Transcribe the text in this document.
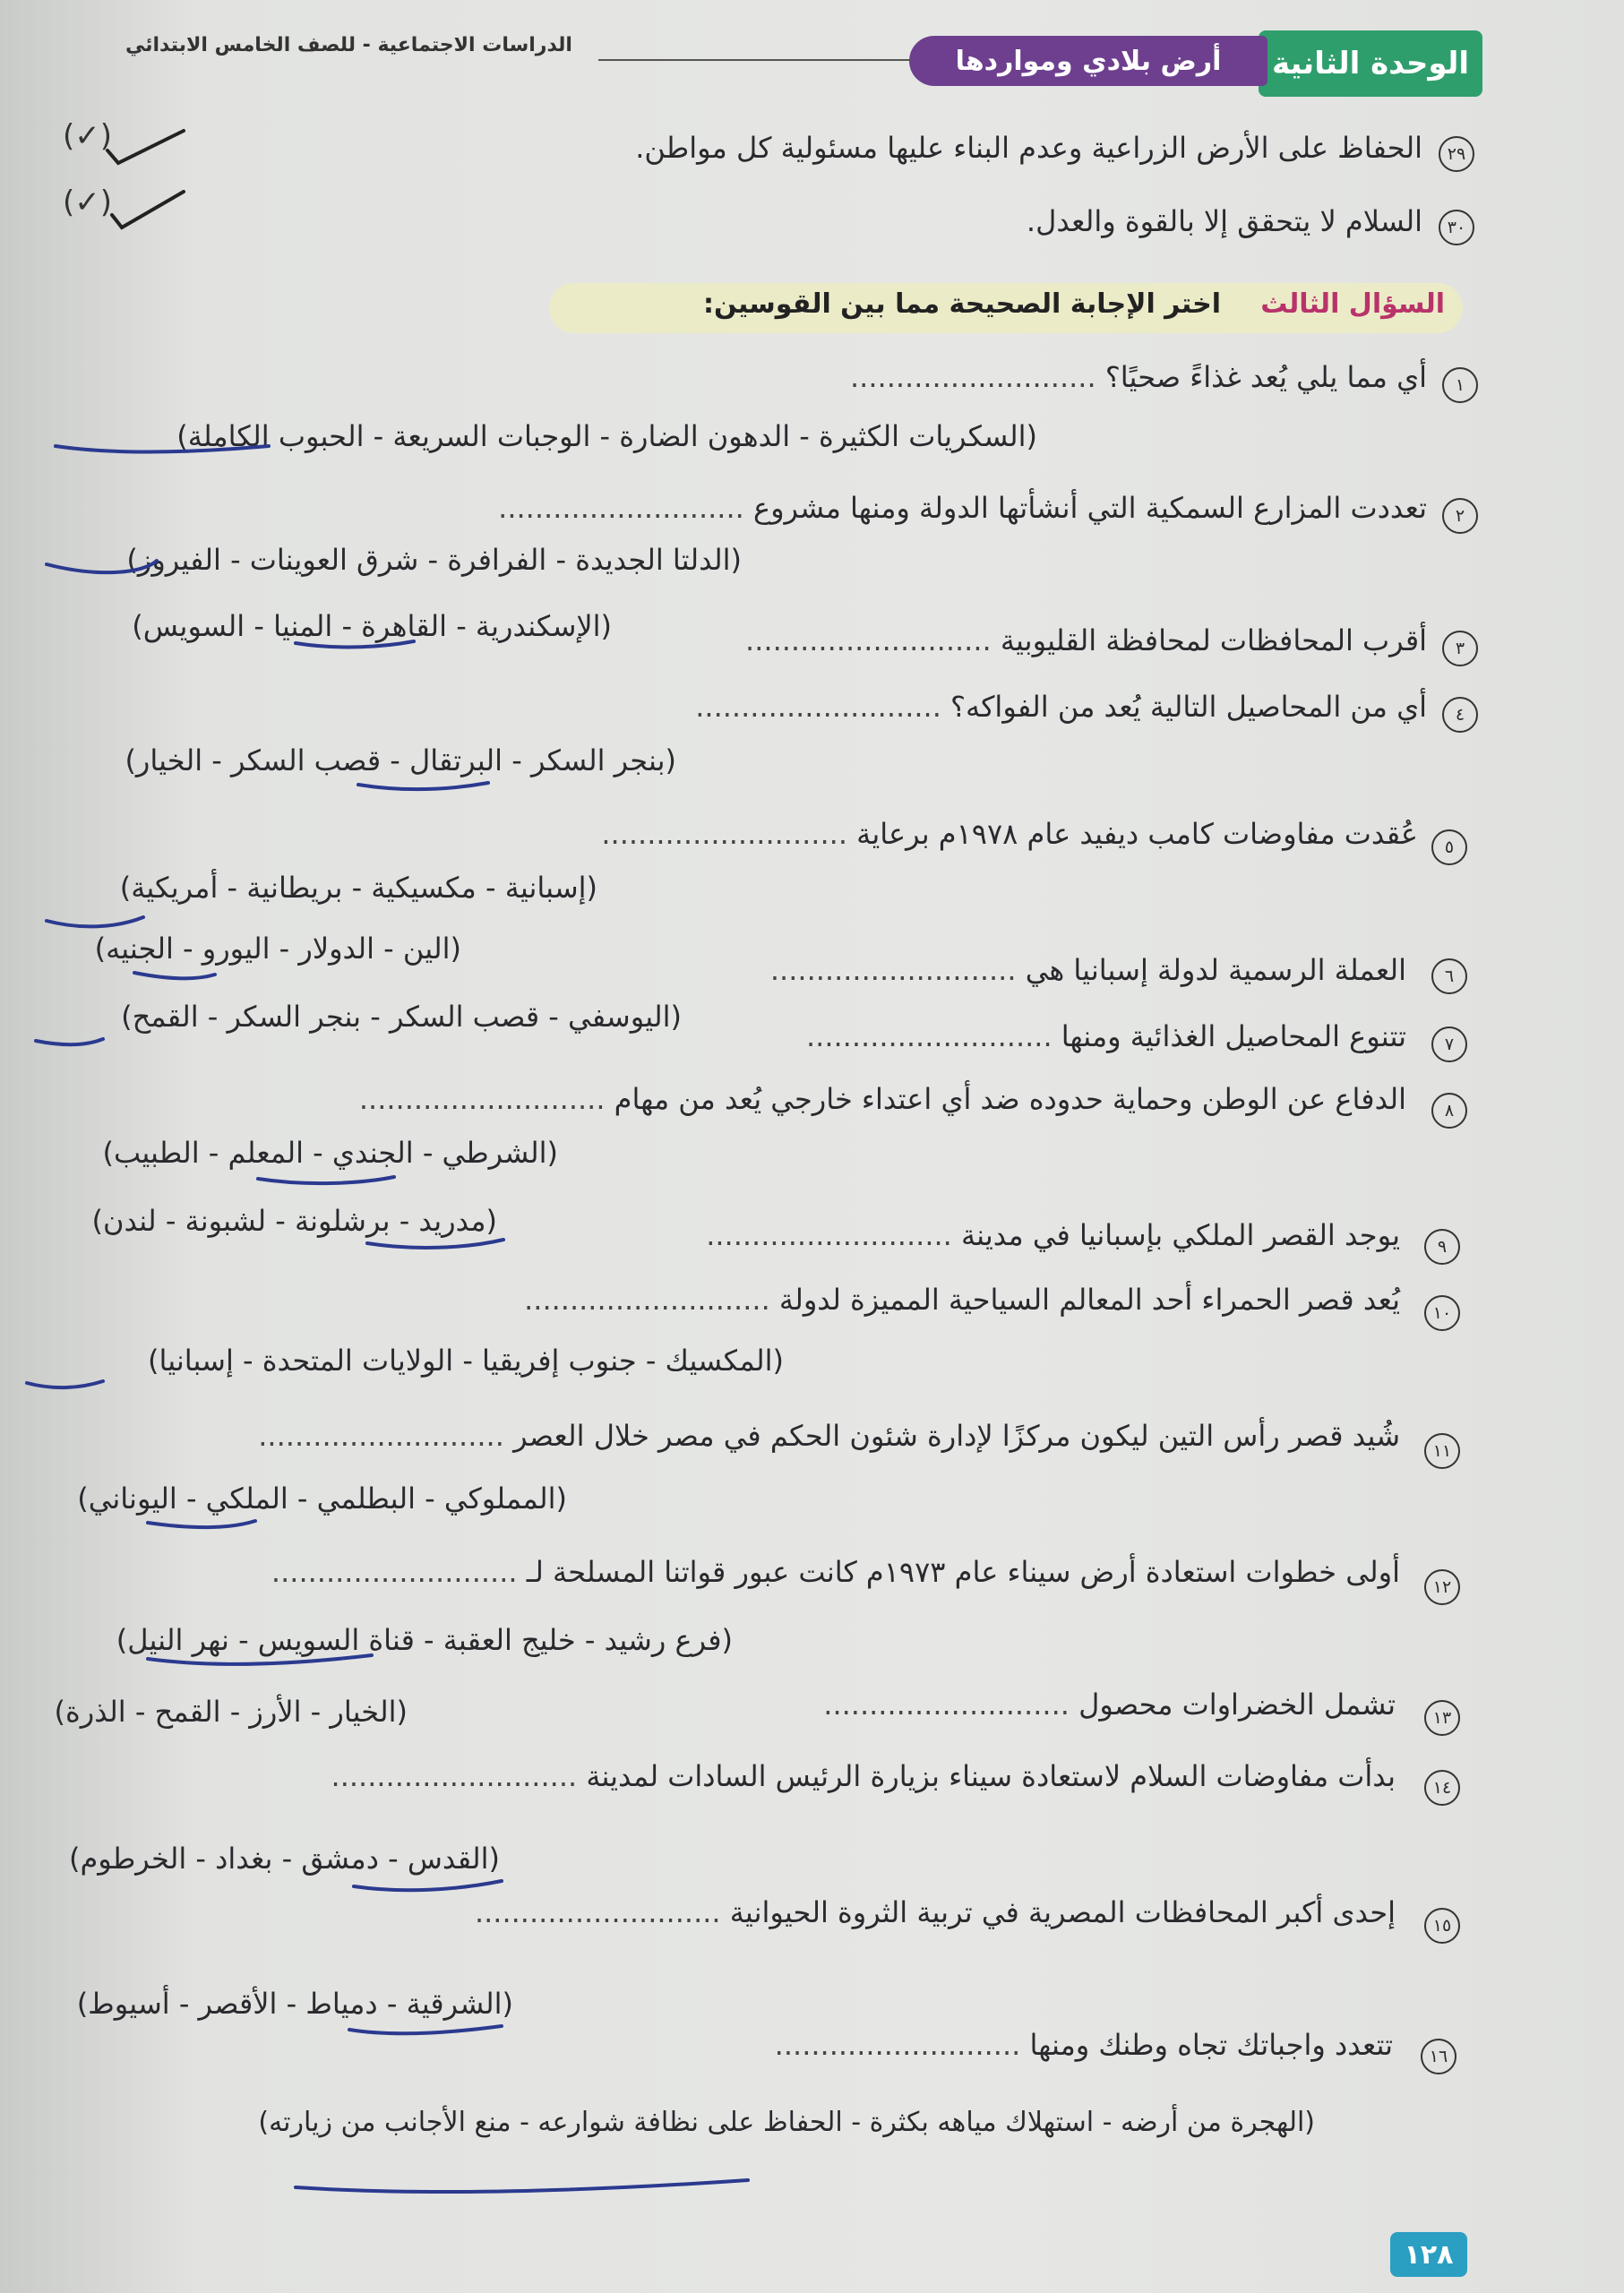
الوحدة الثانية
أرض بلادي ومواردها
الدراسات الاجتماعية - للصف الخامس الابتدائي
٢٩
الحفاظ على الأرض الزراعية وعدم البناء عليها مسئولية كل مواطن.
(✓)
٣٠
السلام لا يتحقق إلا بالقوة والعدل.
(✓)
السؤال الثالث
اختر الإجابة الصحيحة مما بين القوسين:
١
أي مما يلي يُعد غذاءً صحيًا؟ ...........................
(السكريات الكثيرة - الدهون الضارة - الوجبات السريعة - الحبوب الكاملة)
٢
تعددت المزارع السمكية التي أنشأتها الدولة ومنها مشروع ...........................
(الدلتا الجديدة - الفرافرة - شرق العوينات - الفيروز)
٣
أقرب المحافظات لمحافظة القليوبية ...........................
(الإسكندرية - القاهرة - المنيا - السويس)
٤
أي من المحاصيل التالية يُعد من الفواكه؟ ...........................
(بنجر السكر - البرتقال - قصب السكر - الخيار)
٥
عُقدت مفاوضات كامب ديفيد عام ١٩٧٨م برعاية ...........................
(إسبانية - مكسيكية - بريطانية - أمريكية)
٦
العملة الرسمية لدولة إسبانيا هي ...........................
(الين - الدولار - اليورو - الجنيه)
٧
تتنوع المحاصيل الغذائية ومنها ...........................
(اليوسفي - قصب السكر - بنجر السكر - القمح)
٨
الدفاع عن الوطن وحماية حدوده ضد أي اعتداء خارجي يُعد من مهام ...........................
(الشرطي - الجندي - المعلم - الطبيب)
٩
يوجد القصر الملكي بإسبانيا في مدينة ...........................
(مدريد - برشلونة - لشبونة - لندن)
١٠
يُعد قصر الحمراء أحد المعالم السياحية المميزة لدولة ...........................
(المكسيك - جنوب إفريقيا - الولايات المتحدة - إسبانيا)
١١
شُيد قصر رأس التين ليكون مركزًا لإدارة شئون الحكم في مصر خلال العصر ...........................
(المملوكي - البطلمي - الملكي - اليوناني)
١٢
أولى خطوات استعادة أرض سيناء عام ١٩٧٣م كانت عبور قواتنا المسلحة لـ ...........................
(فرع رشيد - خليج العقبة - قناة السويس - نهر النيل)
١٣
تشمل الخضراوات محصول ...........................
(الخيار - الأرز - القمح - الذرة)
١٤
بدأت مفاوضات السلام لاستعادة سيناء بزيارة الرئيس السادات لمدينة ...........................
(القدس - دمشق - بغداد - الخرطوم)
١٥
إحدى أكبر المحافظات المصرية في تربية الثروة الحيوانية ...........................
(الشرقية - دمياط - الأقصر - أسيوط)
١٦
تتعدد واجباتك تجاه وطنك ومنها ...........................
(الهجرة من أرضه - استهلاك مياهه بكثرة - الحفاظ على نظافة شوارعه - منع الأجانب من زيارته)
١٢٨
